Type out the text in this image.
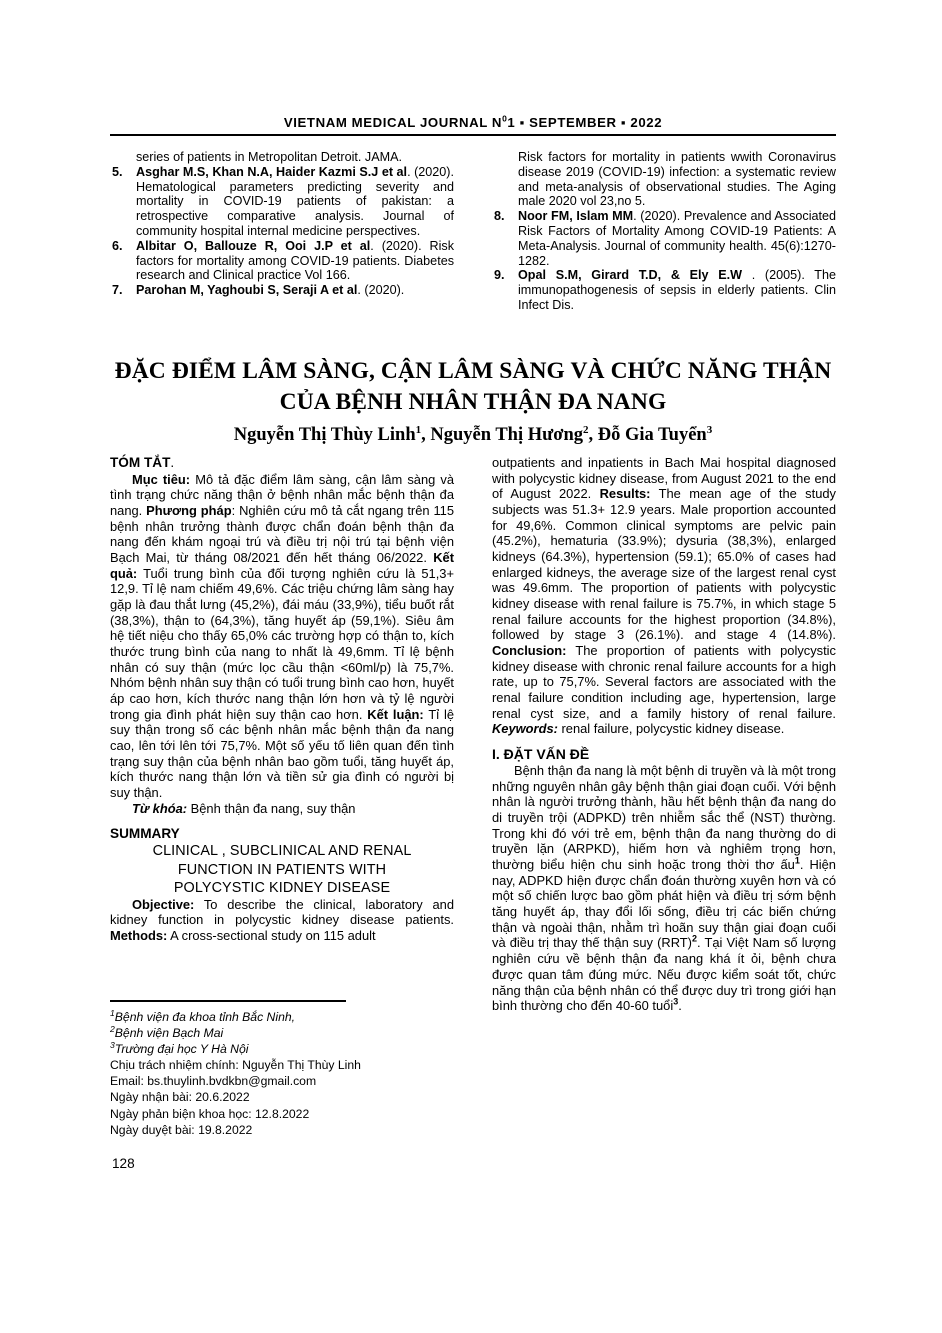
VIETNAM MEDICAL JOURNAL $N^01$ ▪ SEPTEMBER ▪ 2022

series of patients in Metropolitan Detroit. JAMA.

5. Asghar M.S, Khan N.A, Haider Kazmi S.J et al. (2020). Hematological parameters predicting severity and mortality in COVID-19 patients of pakistan: a retrospective comparative analysis. Journal of community hospital internal medicine perspectives.

6. Albitar O, Ballouze R, Ooi J.P et al. (2020). Risk factors for mortality among COVID-19 patients. Diabetes research and Clinical practice Vol 166.

7. Parohan M, Yaghoubi S, Seraji A et al. (2020).

Risk factors for mortality in patients wwith Coronavirus disease 2019 (COVID-19) infection: a systematic review and meta-analysis of observational studies. The Aging male 2020 vol 23,no 5.

8. Noor FM, Islam MM. (2020). Prevalence and Associated Risk Factors of Mortality Among COVID-19 Patients: A Meta-Analysis. Journal of community health. 45(6):1270-1282.

9. Opal S.M, Girard T.D, & Ely E.W . (2005). The immunopathogenesis of sepsis in elderly patients. Clin Infect Dis.

ĐẶC ĐIỂM LÂM SÀNG, CẬN LÂM SÀNG VÀ CHỨC NĂNG THẬN
CỦA BỆNH NHÂN THẬN ĐA NANG
Nguyễn Thị Thùy Linh$^1$, Nguyễn Thị Hương$^2$, Đỗ Gia Tuyển$^3$
TÓM TẮT.

Mục tiêu: Mô tả đặc điểm lâm sàng, cận lâm sàng và tình trạng chức năng thận ở bệnh nhân mắc bệnh thận đa nang. Phương pháp: Nghiên cứu mô tả cắt ngang trên 115 bệnh nhân trưởng thành được chẩn đoán bệnh thận đa nang đến khám ngoại trú và điều trị nội trú tại bệnh viện Bạch Mai, từ tháng 08/2021 đến hết tháng 06/2022. Kết quả: Tuổi trung bình của đối tượng nghiên cứu là 51,3+ 12,9. Tỉ lệ nam chiếm 49,6%. Các triệu chứng lâm sàng hay gặp là đau thắt lưng (45,2%), đái máu (33,9%), tiểu buốt rắt (38,3%), thận to (64,3%), tăng huyết áp (59,1%). Siêu âm hệ tiết niệu cho thấy 65,0% các trường hợp có thận to, kích thước trung bình của nang to nhất là 49,6mm. Tỉ lệ bệnh nhân có suy thận (mức lọc cầu thận <60ml/p) là 75,7%. Nhóm bệnh nhân suy thận có tuổi trung bình cao hơn, huyết áp cao hơn, kích thước nang thận lớn hơn và tỷ lệ người trong gia đình phát hiện suy thận cao hơn. Kết luận: Tỉ lệ suy thận trong số các bệnh nhân mắc bệnh thận đa nang cao, lên tới lên tới 75,7%. Một số yếu tố liên quan đến tình trạng suy thận của bệnh nhân bao gồm tuổi, tăng huyết áp, kích thước nang thận lớn và tiền sử gia đình có người bị suy thận.

Từ khóa: Bệnh thận đa nang, suy thận

SUMMARY
CLINICAL , SUBCLINICAL AND RENAL
FUNCTION IN PATIENTS WITH
POLYCYSTIC KIDNEY DISEASE

Objective: To describe the clinical, laboratory and kidney function in polycystic kidney disease patients. Methods: A cross-sectional study on 115 adult

outpatients and inpatients in Bach Mai hospital diagnosed with polycystic kidney disease, from August 2021 to the end of August 2022. Results: The mean age of the study subjects was 51.3+ 12.9 years. Male proportion accounted for 49,6%. Common clinical symptoms are pelvic pain (45.2%), hematuria (33.9%); dysuria (38,3%), enlarged kidneys (64.3%), hypertension (59.1); 65.0% of cases had enlarged kidneys, the average size of the largest renal cyst was 49.6mm. The proportion of patients with polycystic kidney disease with renal failure is 75.7%, in which stage 5 renal failure accounts for the highest proportion (34.8%), followed by stage 3 (26.1%). and stage 4 (14.8%). Conclusion: The proportion of patients with polycystic kidney disease with chronic renal failure accounts for a high rate, up to 75,7%. Several factors are associated with the renal failure condition including age, hypertension, large renal cyst size, and a family history of renal failure. Keywords: renal failure, polycystic kidney disease.

I. ĐẶT VẤN ĐỀ

Bệnh thận đa nang là một bệnh di truyền và là một trong những nguyên nhân gây bệnh thận giai đoạn cuối. Với bệnh nhân là người trưởng thành, hầu hết bệnh thận đa nang do di truyền trội (ADPKD) trên nhiễm sắc thể (NST) thường. Trong khi đó với trẻ em, bệnh thận đa nang thường do di truyền lặn (ARPKD), hiếm hơn và nghiêm trọng hơn, thường biểu hiện chu sinh hoặc trong thời thơ ấu$^1$. Hiện nay, ADPKD hiện được chẩn đoán thường xuyên hơn và có một số chiến lược bao gồm phát hiện và điều trị sớm bệnh tăng huyết áp, thay đổi lối sống, điều trị các biến chứng thận và ngoài thận, nhằm trì hoãn suy thận giai đoạn cuối và điều trị thay thế thận suy (RRT)$^2$. Tại Việt Nam số lượng nghiên cứu về bệnh thận đa nang khá ít ỏi, bệnh chưa được quan tâm đúng mức. Nếu được kiểm soát tốt, chức năng thận của bệnh nhân có thể được duy trì trong giới hạn bình thường cho đến 40-60 tuổi$^3$.

$^1$Bệnh viện đa khoa tỉnh Bắc Ninh,

$^2$Bệnh viện Bạch Mai

$^3$Trường đại học Y Hà Nội

Chịu trách nhiệm chính: Nguyễn Thị Thùy Linh

Email: bs.thuylinh.bvdkbn@gmail.com

Ngày nhận bài: 20.6.2022

Ngày phản biện khoa học: 12.8.2022

Ngày duyệt bài: 19.8.2022

128
